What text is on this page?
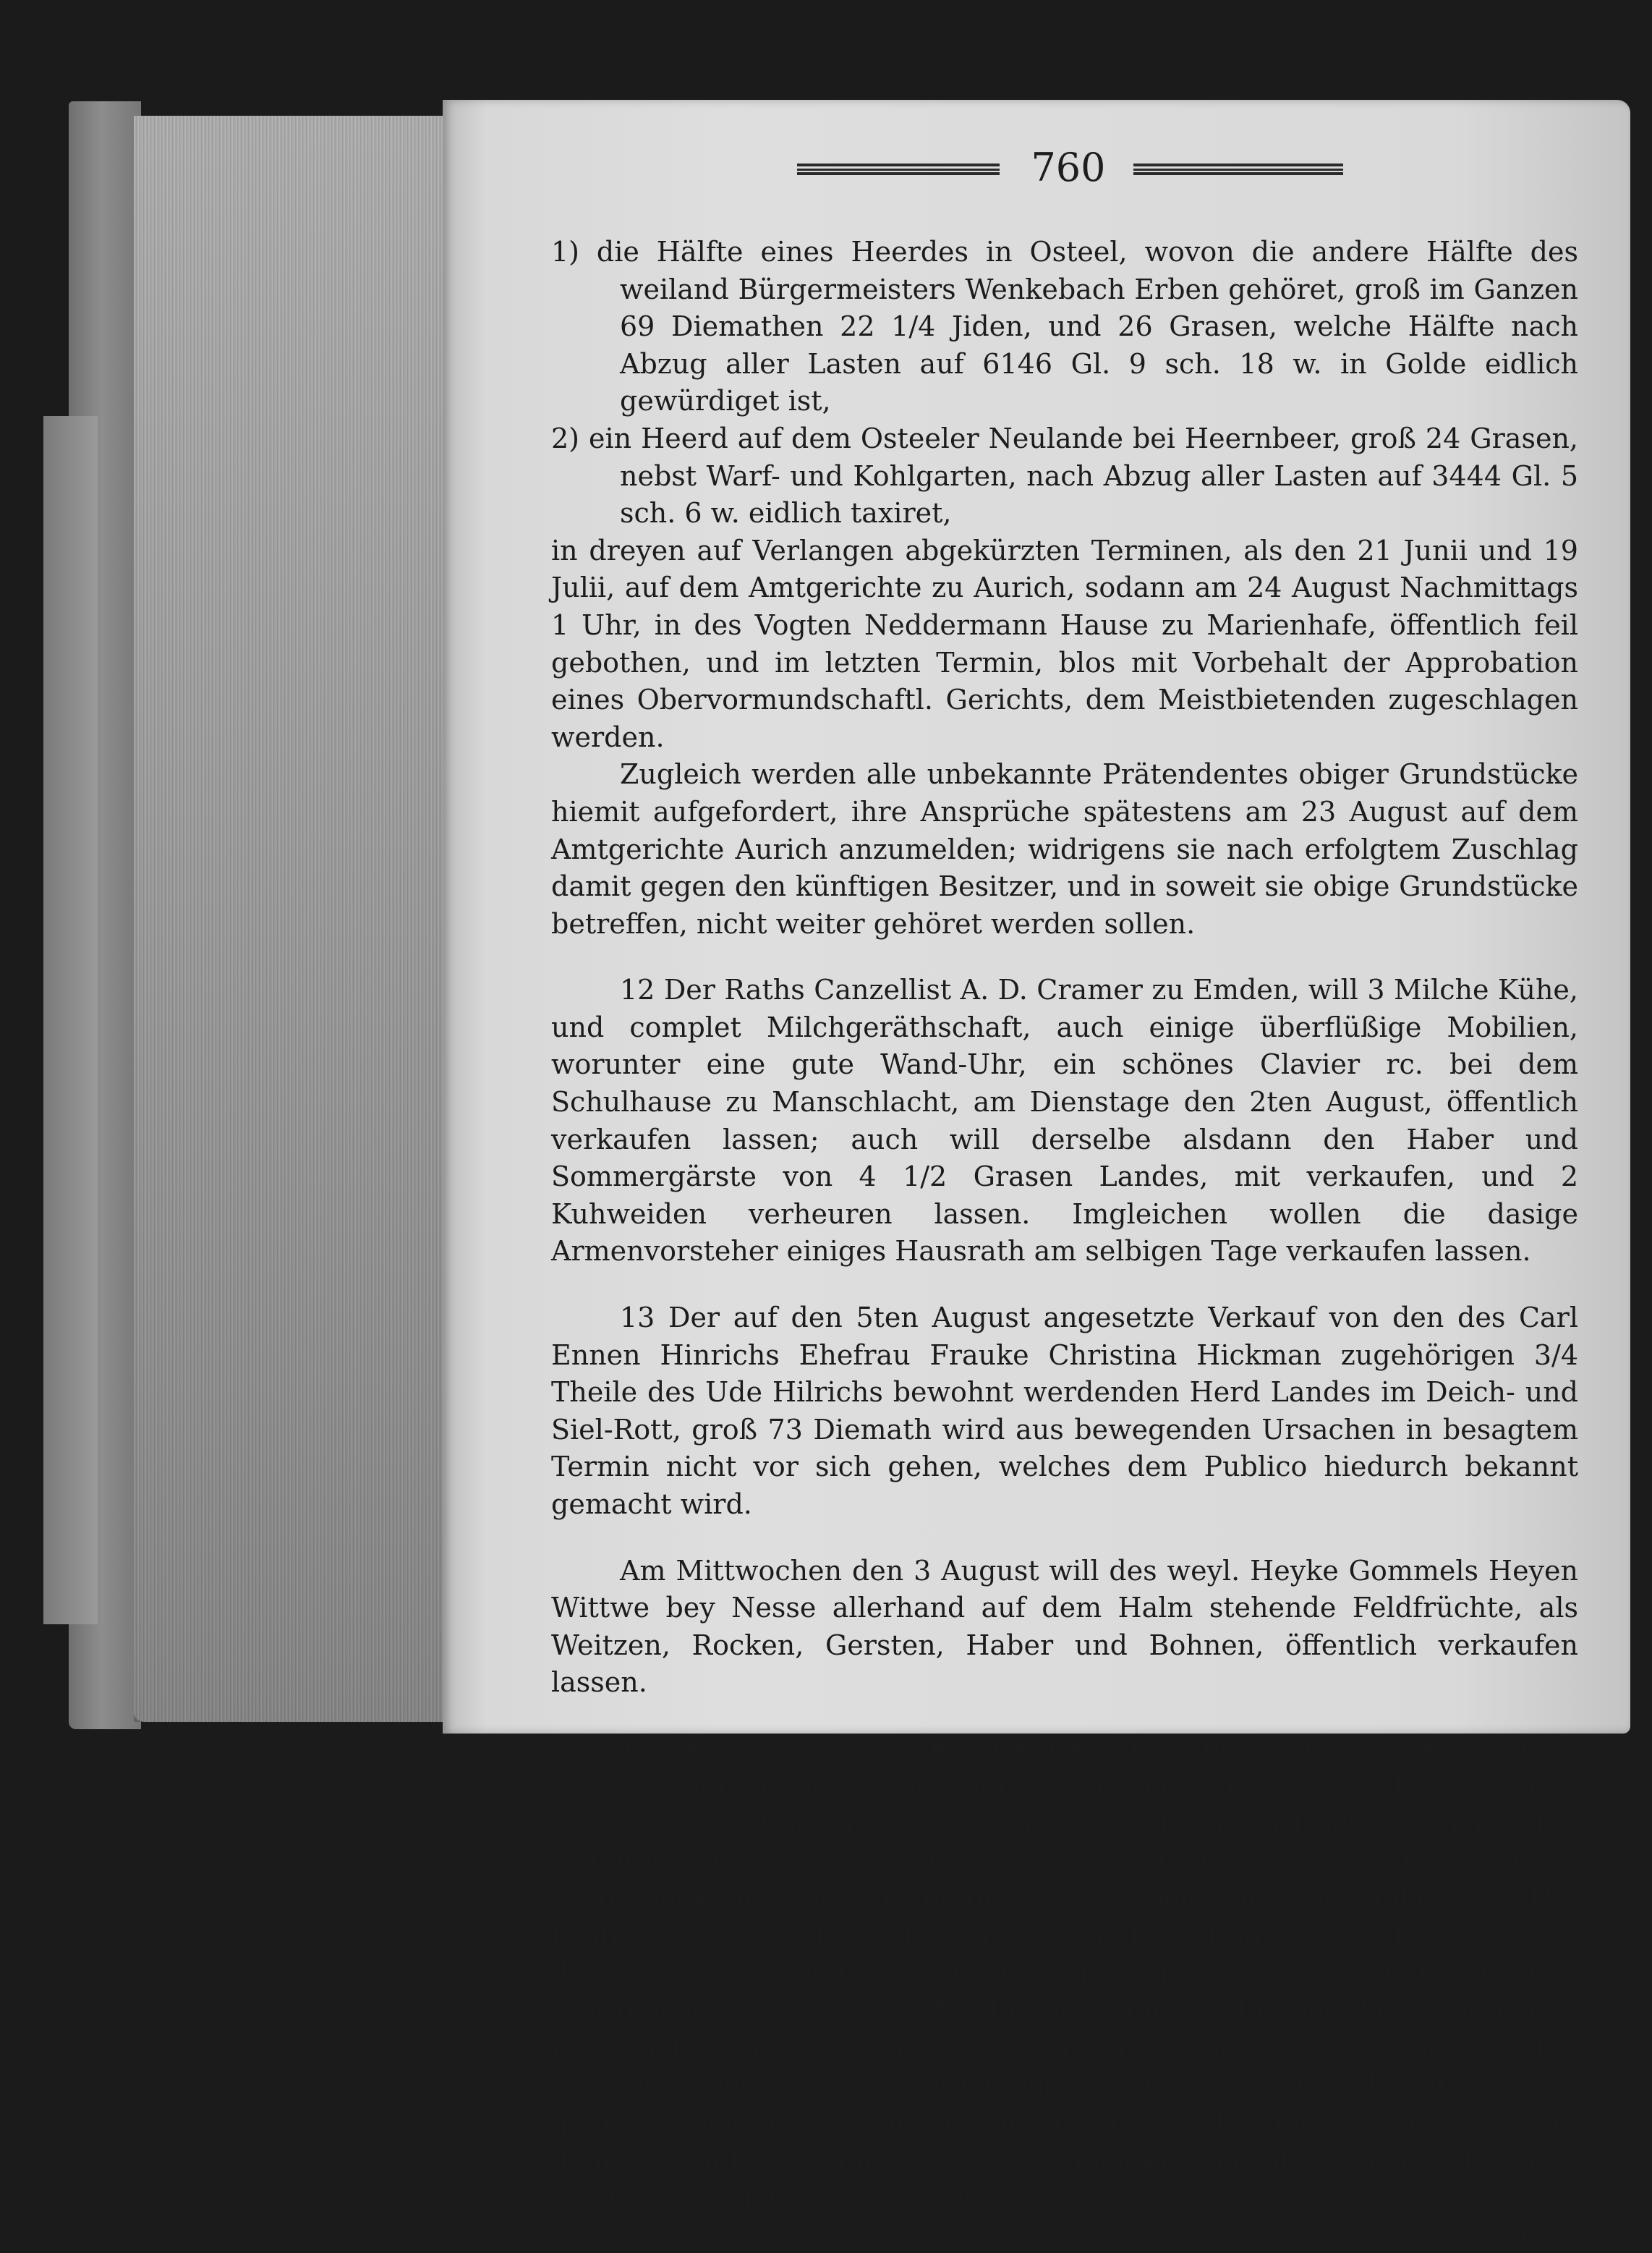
760

1) die Hälfte eines Heerdes in Osteel, wovon die andere Hälfte des weiland Bürgermeisters Wenkebach Erben gehöret, groß im Ganzen 69 Diemathen 22 1/4 Jiden, und 26 Grasen, welche Hälfte nach Abzug aller Lasten auf 6146 Gl. 9 sch. 18 w. in Golde eidlich gewürdiget ist,

2) ein Heerd auf dem Osteeler Neulande bei Heernbeer, groß 24 Grasen, nebst Warf- und Kohlgarten, nach Abzug aller Lasten auf 3444 Gl. 5 sch. 6 w. eidlich taxiret,

in dreyen auf Verlangen abgekürzten Terminen, als den 21 Junii und 19 Julii, auf dem Amtgerichte zu Aurich, sodann am 24 August Nachmittags 1 Uhr, in des Vogten Neddermann Hause zu Marienhafe, öffentlich feil gebothen, und im letzten Termin, blos mit Vorbehalt der Approbation eines Obervormundschaftl. Gerichts, dem Meistbietenden zugeschlagen werden.

Zugleich werden alle unbekannte Prätendentes obiger Grundstücke hiemit aufgefordert, ihre Ansprüche spätestens am 23 August auf dem Amtgerichte Aurich anzumelden; widrigens sie nach erfolgtem Zuschlag damit gegen den künftigen Besitzer, und in soweit sie obige Grundstücke betreffen, nicht weiter gehöret werden sollen.

12 Der Raths Canzellist A. D. Cramer zu Emden, will 3 Milche Kühe, und complet Milchgeräthschaft, auch einige überflüßige Mobilien, worunter eine gute Wand-Uhr, ein schönes Clavier rc. bei dem Schulhause zu Manschlacht, am Dienstage den 2ten August, öffentlich verkaufen lassen; auch will derselbe alsdann den Haber und Sommergärste von 4 1/2 Grasen Landes, mit verkaufen, und 2 Kuhweiden verheuren lassen. Imgleichen wollen die dasige Armenvorsteher einiges Hausrath am selbigen Tage verkaufen lassen.

13 Der auf den 5ten August angesetzte Verkauf von den des Carl Ennen Hinrichs Ehefrau Frauke Christina Hickman zugehörigen 3/4 Theile des Ude Hilrichs bewohnt werdenden Herd Landes im Deich- und Siel-Rott, groß 73 Diemath wird aus bewegenden Ursachen in besagtem Termin nicht vor sich gehen, welches dem Publico hiedurch bekannt gemacht wird.

Am Mittwochen den 3 August will des weyl. Heyke Gommels Heyen Wittwe bey Nesse allerhand auf dem Halm stehende Feldfrüchte, als Weitzen, Rocken, Gersten, Haber und Bohnen, öffentlich verkaufen lassen.

14 Vermöge des bey dem hiesigen Amt- und Stadtgerichte affigirten Subhastationspatents und demselben beygefügten auch bey dem Amtsmeiener Eucken einzusehenden und abschriftlich zu habenden Conditionen, soll das dem weyl. Schneidermeister Peter Fischbeck zustehende in Esens am goldenen Orte belegene und eidlich auf 180 Rthlr. cour. gewürdigte Haus in den zur Licitation auf den 1 Oct. 1 Dec. dieses und den 1 Febr. künftigen J. angesetzten Terminen auf dem Stadthause zu Esens, des Nachmittags um 2 Uhr feilgeboten und dem Meistbietenden zugeschlagen werden. Zugleich wird auch allen etwaigen unbekannten Realgläubigern gedachten Hauses hiemit bekannt gemacht, daß sie zur Conservation ihrer Gerechtsame sich spätestens in dem Verkaufs Termin desfalls zu melden und ihre Ansprüche dem hiesigen Amtgerichte anzuzeigen, bey dessen Ent-

stehung
